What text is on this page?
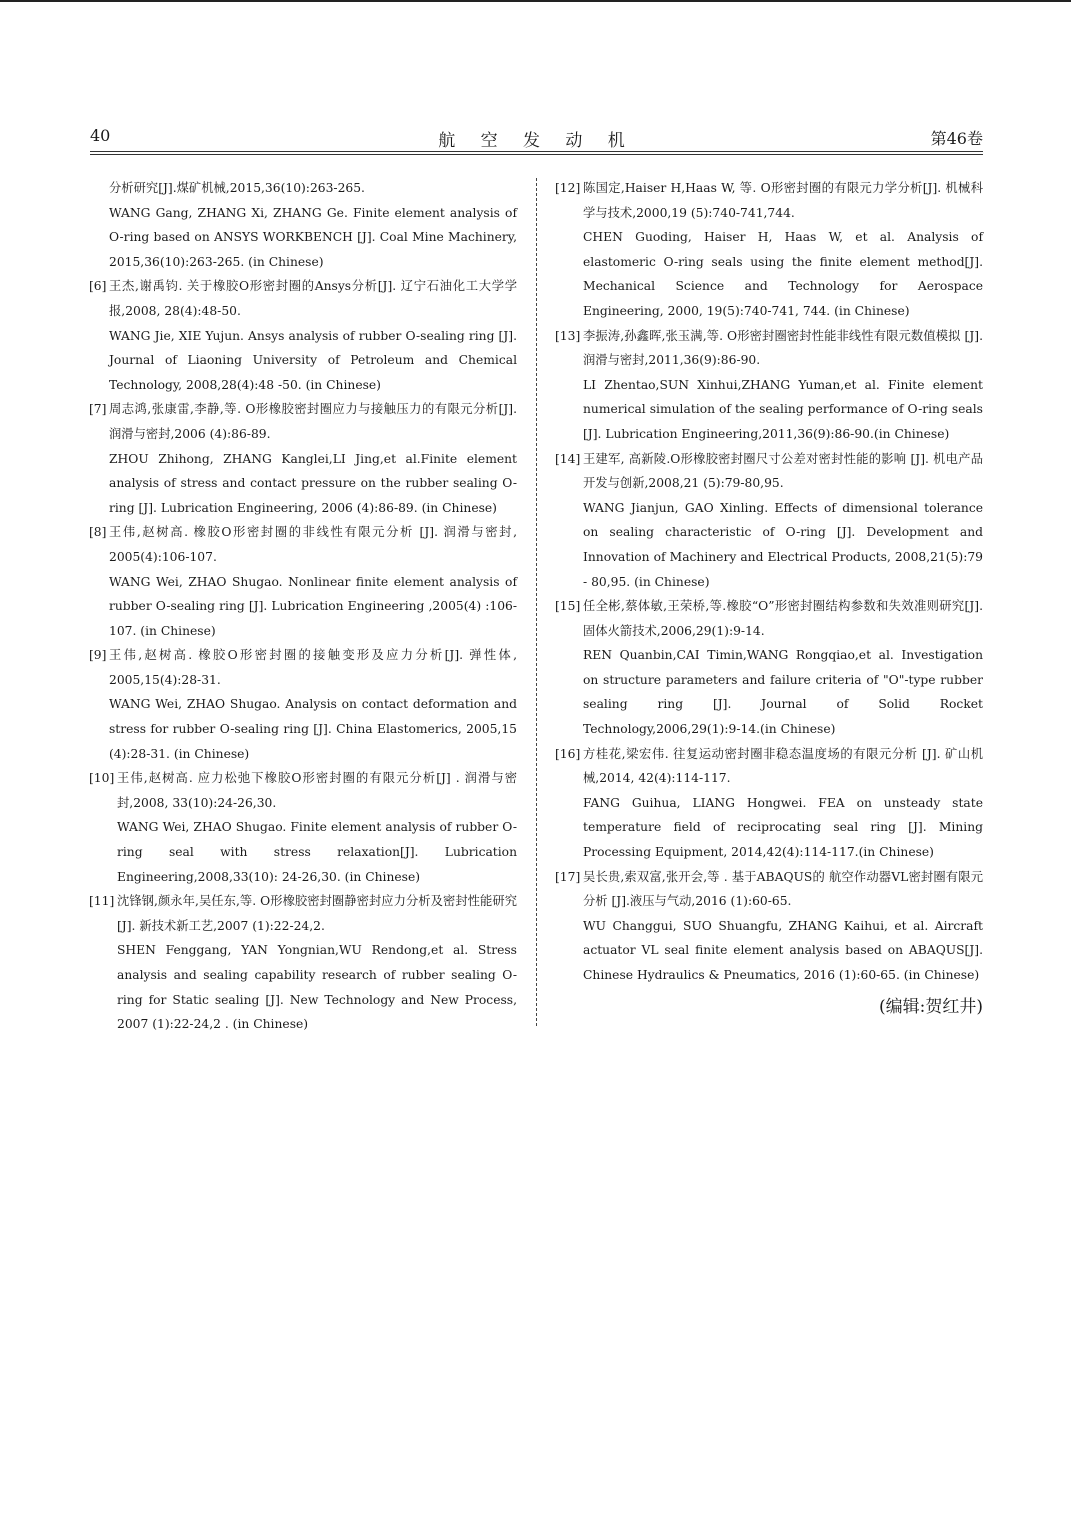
40	航 空 发 动 机	第46卷
分析研究[J].煤矿机械,2015,36(10):263-265.
WANG Gang, ZHANG Xi, ZHANG Ge. Finite element analysis of O-ring based on ANSYS WORKBENCH [J]. Coal Mine Machinery, 2015,36(10):263-265. (in Chinese)
[6] 王杰,谢禹钧. 关于橡胶O形密封圈的Ansys分析[J]. 辽宁石油化工大学学报,2008, 28(4):48-50.
WANG Jie, XIE Yujun. Ansys analysis of rubber O-sealing ring [J]. Journal of Liaoning University of Petroleum and Chemical Technology, 2008,28(4):48 -50. (in Chinese)
[7] 周志鸿,张康雷,李静,等. O形橡胶密封圈应力与接触压力的有限元分析[J]. 润滑与密封,2006 (4):86-89.
ZHOU Zhihong, ZHANG Kanglei,LI Jing,et al.Finite element analysis of stress and contact pressure on the rubber sealing O-ring [J]. Lubrication Engineering, 2006 (4):86-89. (in Chinese)
[8] 王伟,赵树高. 橡胶O形密封圈的非线性有限元分析 [J]. 润滑与密封, 2005(4):106-107.
WANG Wei, ZHAO Shugao. Nonlinear finite element analysis of rubber O-sealing ring [J]. Lubrication Engineering ,2005(4) :106-107. (in Chinese)
[9] 王伟,赵树高. 橡胶O形密封圈的接触变形及应力分析[J]. 弹性体, 2005,15(4):28-31.
WANG Wei, ZHAO Shugao. Analysis on contact deformation and stress for rubber O-sealing ring [J]. China Elastomerics, 2005,15 (4):28-31. (in Chinese)
[10] 王伟,赵树高. 应力松弛下橡胶O形密封圈的有限元分析[J] . 润滑与密封,2008, 33(10):24-26,30.
WANG Wei, ZHAO Shugao. Finite element analysis of rubber O-ring seal with stress relaxation[J]. Lubrication Engineering,2008,33(10): 24-26,30. (in Chinese)
[11] 沈锋钢,颜永年,吴任东,等. O形橡胶密封圈静密封应力分析及密封性能研究 [J]. 新技术新工艺,2007 (1):22-24,2.
SHEN Fenggang, YAN Yongnian,WU Rendong,et al. Stress analysis and sealing capability research of rubber sealing O-ring for Static sealing [J]. New Technology and New Process, 2007 (1):22-24,2 . (in Chinese)
[12] 陈国定,Haiser H,Haas W, 等. O形密封圈的有限元力学分析[J]. 机械科学与技术,2000,19 (5):740-741,744.
CHEN Guoding, Haiser H, Haas W, et al. Analysis of elastomeric O-ring seals using the finite element method[J]. Mechanical Science and Technology for Aerospace Engineering, 2000, 19(5):740-741, 744. (in Chinese)
[13] 李振涛,孙鑫晖,张玉满,等. O形密封圈密封性能非线性有限元数值模拟 [J]. 润滑与密封,2011,36(9):86-90.
LI Zhentao,SUN Xinhui,ZHANG Yuman,et al. Finite element numerical simulation of the sealing performance of O-ring seals [J]. Lubrication Engineering,2011,36(9):86-90.(in Chinese)
[14] 王建军, 高新陵.O形橡胶密封圈尺寸公差对密封性能的影响 [J]. 机电产品开发与创新,2008,21 (5):79-80,95.
WANG Jianjun, GAO Xinling. Effects of dimensional tolerance on sealing characteristic of O-ring [J]. Development and Innovation of Machinery and Electrical Products, 2008,21(5):79 - 80,95. (in Chinese)
[15] 任全彬,蔡体敏,王荣桥,等.橡胶“O”形密封圈结构参数和失效准则研究[J].固体火箭技术,2006,29(1):9-14.
REN Quanbin,CAI Timin,WANG Rongqiao,et al. Investigation on structure parameters and failure criteria of "O"-type rubber sealing ring [J]. Journal of Solid Rocket Technology,2006,29(1):9-14.(in Chinese)
[16] 方桂花,梁宏伟. 往复运动密封圈非稳态温度场的有限元分析 [J]. 矿山机械,2014, 42(4):114-117.
FANG Guihua, LIANG Hongwei. FEA on unsteady state temperature field of reciprocating seal ring [J]. Mining Processing Equipment, 2014,42(4):114-117.(in Chinese)
[17] 吴长贵,索双富,张开会,等 . 基于ABAQUS的 航空作动器VL密封圈有限元分析 [J].液压与气动,2016 (1):60-65.
WU Changgui, SUO Shuangfu, ZHANG Kaihui, et al. Aircraft actuator VL seal finite element analysis based on ABAQUS[J]. Chinese Hydraulics & Pneumatics, 2016 (1):60-65. (in Chinese)
(编辑:贺红井)
